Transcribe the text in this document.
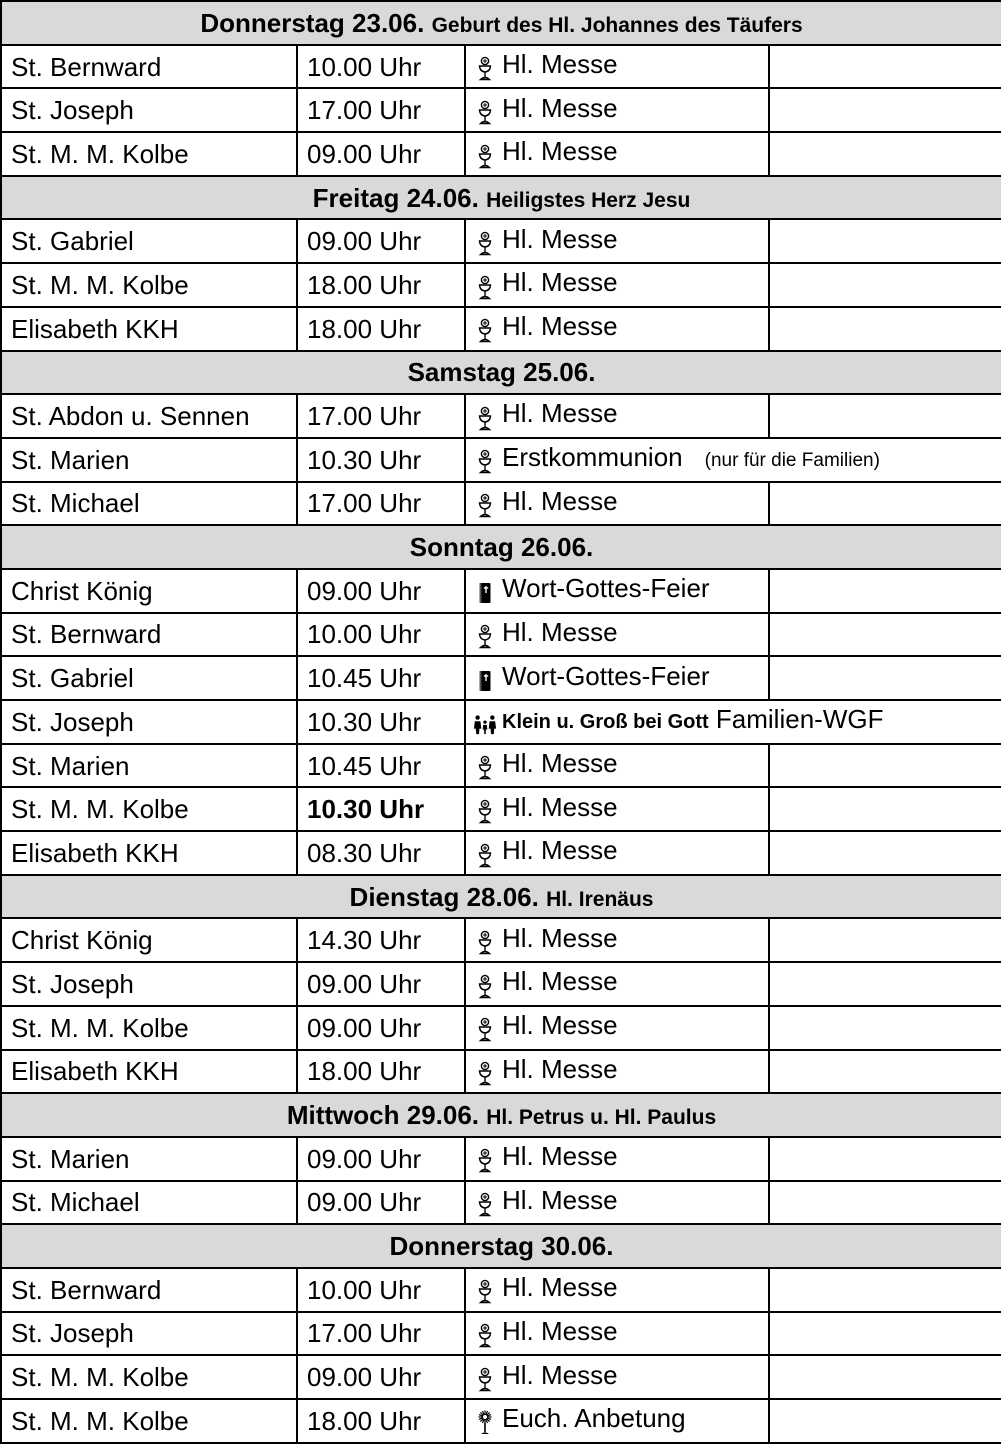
Donnerstag 23.06. Geburt des Hl. Johannes des Täufers			
St. Bernward	10.00 Uhr	Hl. Messe	
St. Joseph	17.00 Uhr	Hl. Messe	
St. M. M. Kolbe	09.00 Uhr	Hl. Messe	
Freitag 24.06. Heiligstes Herz Jesu			
St. Gabriel	09.00 Uhr	Hl. Messe	
St. M. M. Kolbe	18.00 Uhr	Hl. Messe	
Elisabeth KKH	18.00 Uhr	Hl. Messe	
Samstag 25.06.			
St. Abdon u. Sennen	17.00 Uhr	Hl. Messe	
St. Marien	10.30 Uhr	Erstkommunion (nur für die Familien)	
St. Michael	17.00 Uhr	Hl. Messe	
Sonntag 26.06.			
Christ König	09.00 Uhr	Wort-Gottes-Feier	
St. Bernward	10.00 Uhr	Hl. Messe	
St. Gabriel	10.45 Uhr	Wort-Gottes-Feier	
St. Joseph	10.30 Uhr	Klein u. Groß bei Gott Familien-WGF	
St. Marien	10.45 Uhr	Hl. Messe	
St. M. M. Kolbe	10.30 Uhr	Hl. Messe	
Elisabeth KKH	08.30 Uhr	Hl. Messe	
Dienstag 28.06. Hl. Irenäus			
Christ König	14.30 Uhr	Hl. Messe	
St. Joseph	09.00 Uhr	Hl. Messe	
St. M. M. Kolbe	09.00 Uhr	Hl. Messe	
Elisabeth KKH	18.00 Uhr	Hl. Messe	
Mittwoch 29.06. Hl. Petrus u. Hl. Paulus			
St. Marien	09.00 Uhr	Hl. Messe	
St. Michael	09.00 Uhr	Hl. Messe	
Donnerstag 30.06.			
St. Bernward	10.00 Uhr	Hl. Messe	
St. Joseph	17.00 Uhr	Hl. Messe	
St. M. M. Kolbe	09.00 Uhr	Hl. Messe	
St. M. M. Kolbe	18.00 Uhr	Euch. Anbetung	
